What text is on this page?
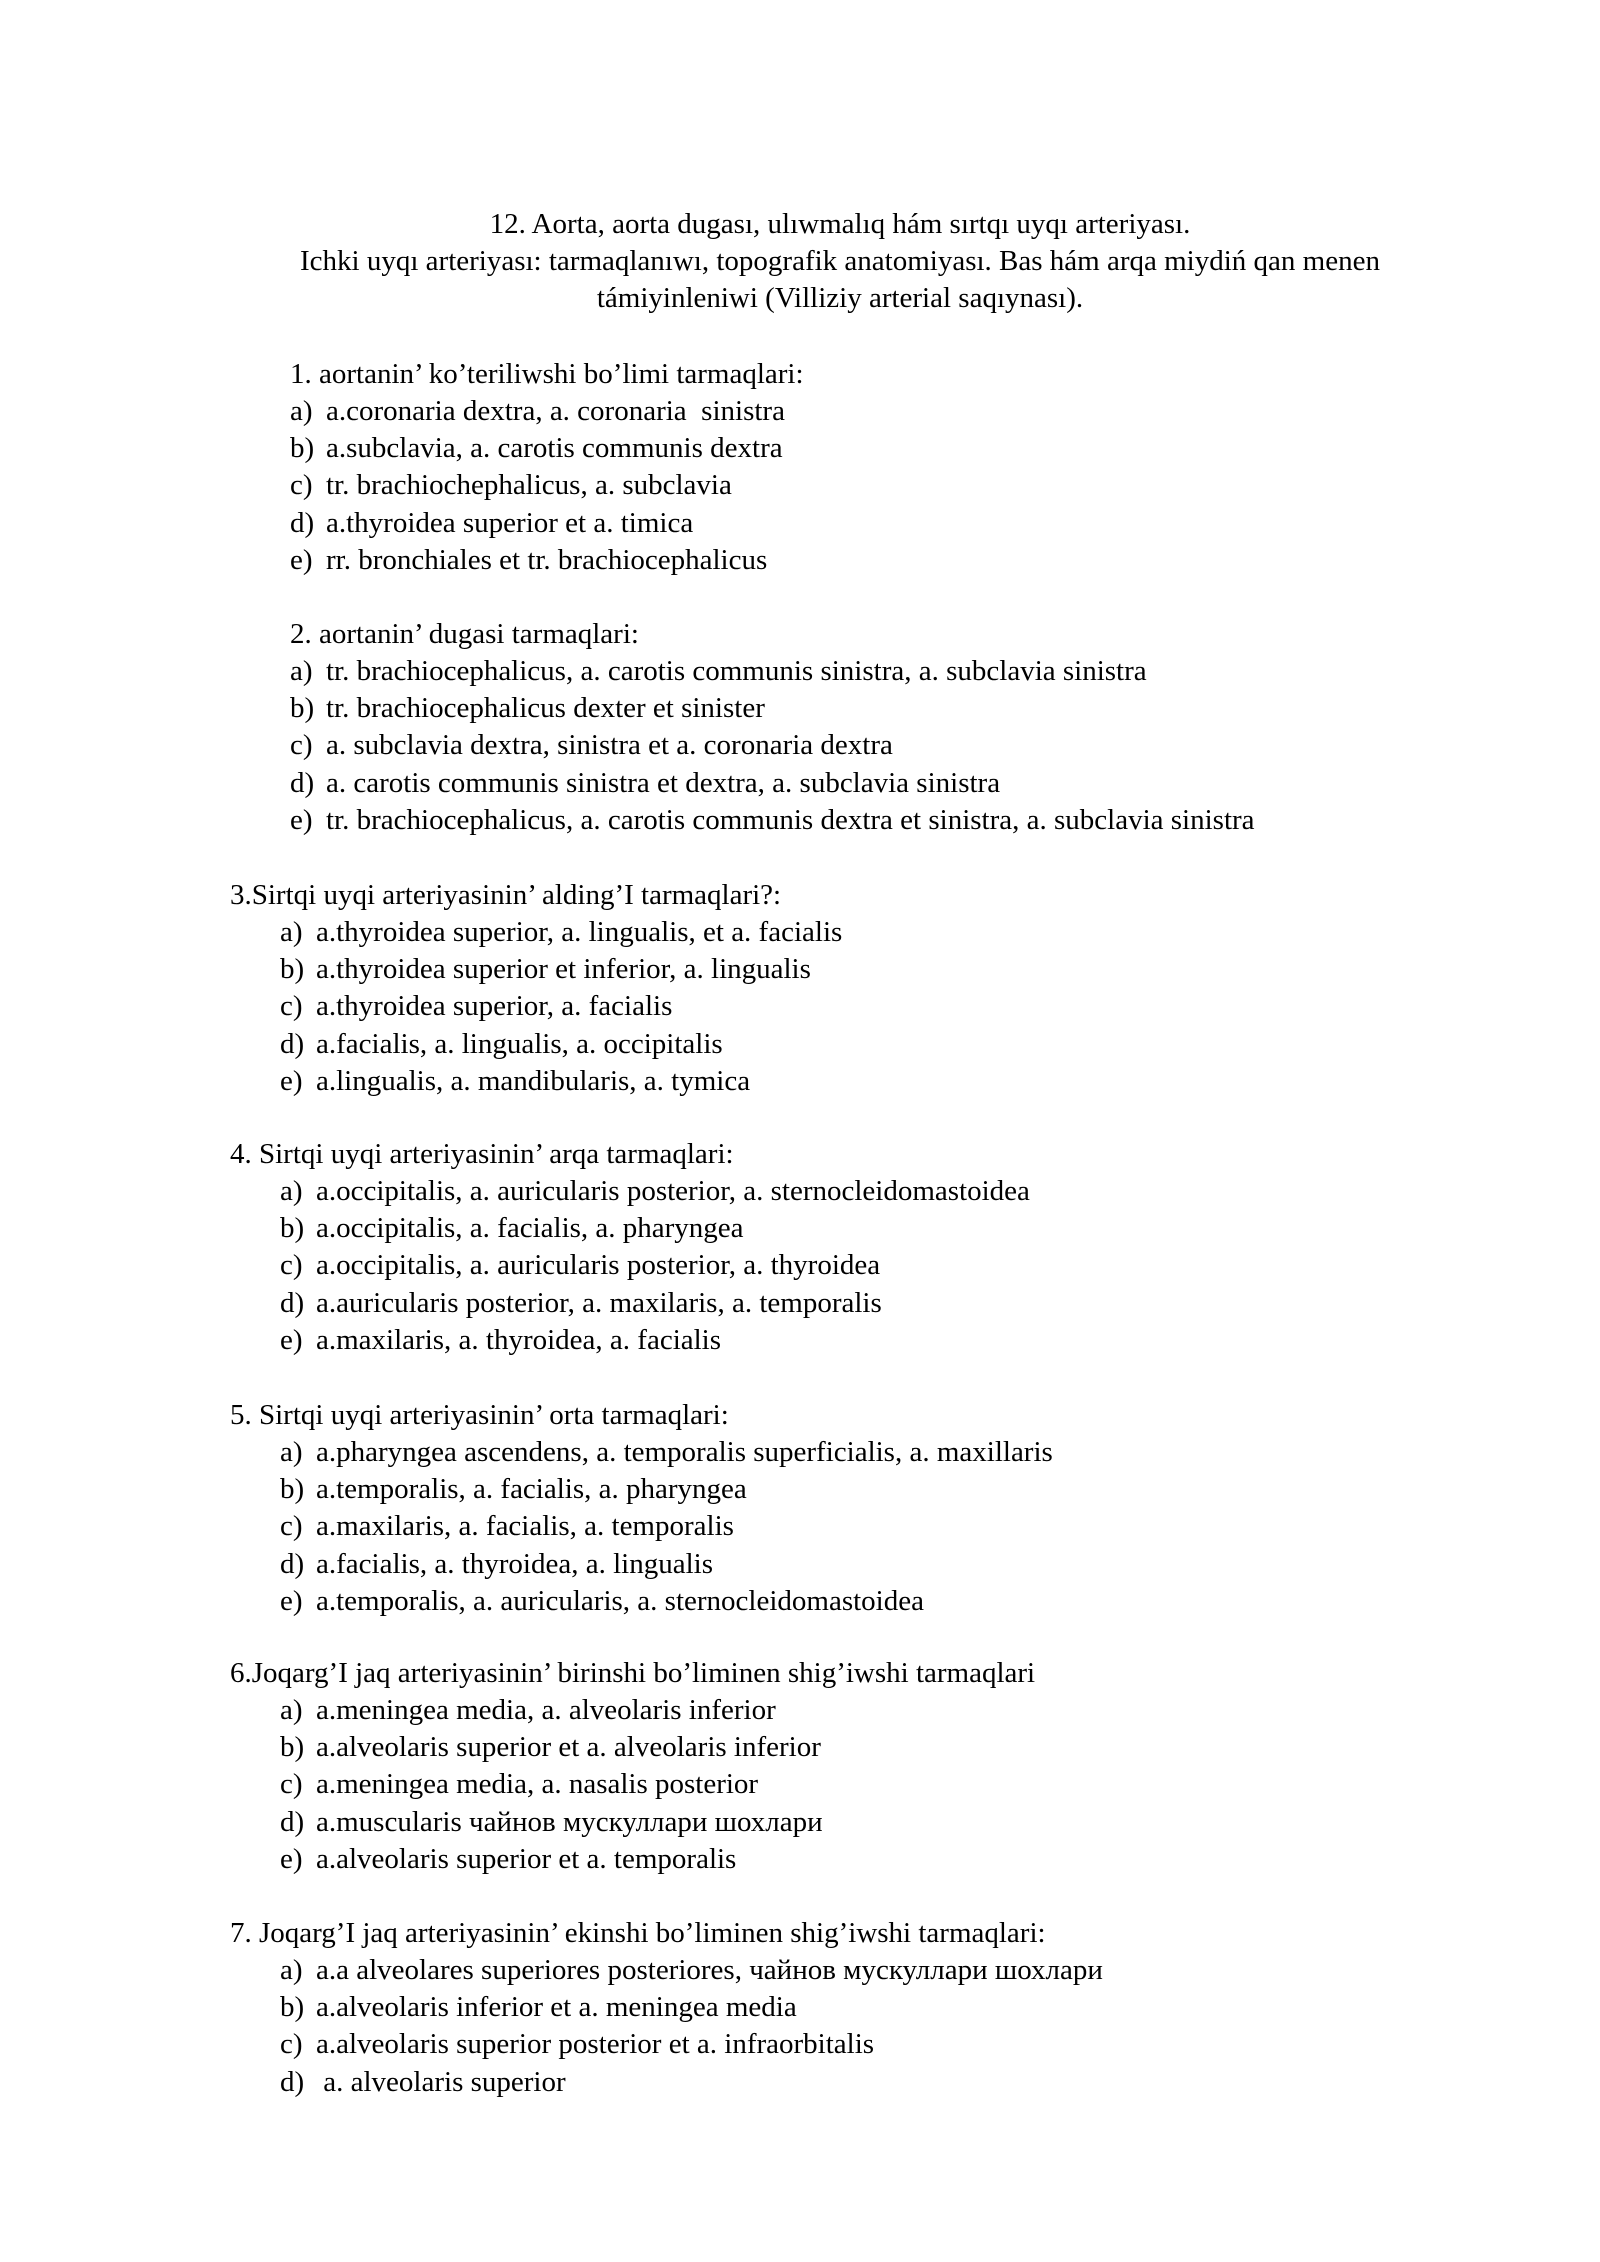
12. Aorta, aorta dugası, ulıwmalıq hám sırtqı uyqı arteriyası.
Ichki uyqı arteriyası: tarmaqlanıwı, topografik anatomiyası. Bas hám arqa miydiń qan menen
támiyinleniwi (Villiziy arterial saqıynası).
1. aortanin’ ko’teriliwshi bo’limi tarmaqlari:
a) a.coronaria dextra, a. coronaria  sinistra
b) a.subclavia, a. carotis communis dextra
c) tr. brachiochephalicus, a. subclavia
d) a.thyroidea superior et a. timica
e) rr. bronchiales et tr. brachiocephalicus
2. aortanin’ dugasi tarmaqlari:
a) tr. brachiocephalicus, a. carotis communis sinistra, a. subclavia sinistra
b) tr. brachiocephalicus dexter et sinister
c) a. subclavia dextra, sinistra et a. coronaria dextra
d) a. carotis communis sinistra et dextra, a. subclavia sinistra
e) tr. brachiocephalicus, a. carotis communis dextra et sinistra, a. subclavia sinistra
3.Sirtqi uyqi arteriyasinin’ alding’I tarmaqlari?:
a) a.thyroidea superior, a. lingualis, et a. facialis
b) a.thyroidea superior et inferior, a. lingualis
c) a.thyroidea superior, a. facialis
d) a.facialis, a. lingualis, a. occipitalis
e) a.lingualis, a. mandibularis, a. tymica
4. Sirtqi uyqi arteriyasinin’ arqa tarmaqlari:
a) a.occipitalis, a. auricularis posterior, a. sternocleidomastoidea
b) a.occipitalis, a. facialis, a. pharyngea
c) a.occipitalis, a. auricularis posterior, a. thyroidea
d) a.auricularis posterior, a. maxilaris, a. temporalis
e) a.maxilaris, a. thyroidea, a. facialis
5. Sirtqi uyqi arteriyasinin’ orta tarmaqlari:
a) a.pharyngea ascendens, a. temporalis superficialis, a. maxillaris
b) a.temporalis, a. facialis, a. pharyngea
c) a.maxilaris, a. facialis, a. temporalis
d) a.facialis, a. thyroidea, a. lingualis
e) a.temporalis, a. auricularis, a. sternocleidomastoidea
6.Joqarg’I jaq arteriyasinin’ birinshi bo’liminen shig’iwshi tarmaqlari
a) a.meningea media, a. alveolaris inferior
b) a.alveolaris superior et a. alveolaris inferior
c) a.meningea media, a. nasalis posterior
d) a.muscularis чайнов мускуллари шохлари
e) a.alveolaris superior et a. temporalis
7. Joqarg’I jaq arteriyasinin’ ekinshi bo’liminen shig’iwshi tarmaqlari:
a) a.a alveolares superiores posteriores, чайнов мускуллари шохлари
b) a.alveolaris inferior et a. meningea media
c) a.alveolaris superior posterior et a. infraorbitalis
d) a. alveolaris superior
